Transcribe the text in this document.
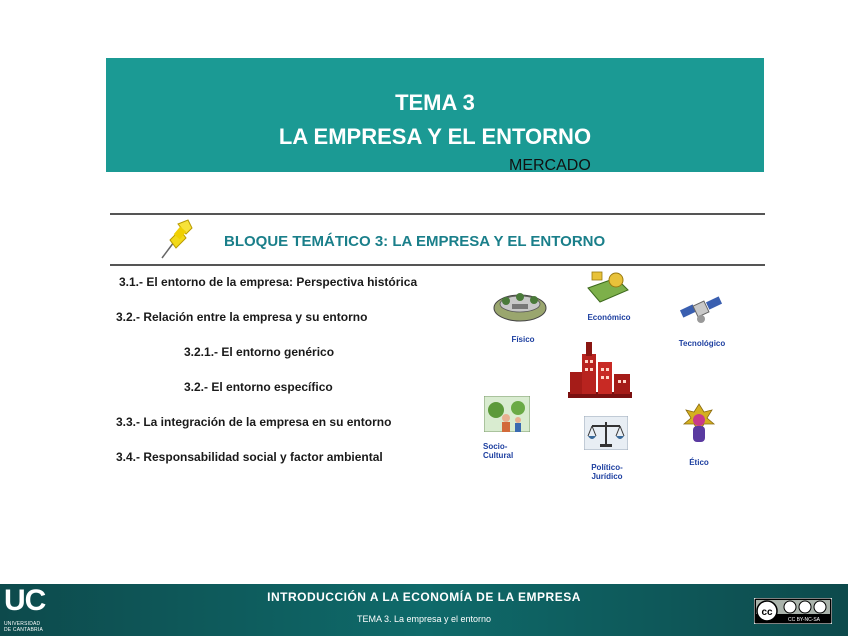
TEMA 3
LA EMPRESA Y EL ENTORNO
MERCADO
BLOQUE TEMÁTICO 3: LA EMPRESA Y EL ENTORNO
3.1.- El entorno de la empresa: Perspectiva histórica
3.2.- Relación entre la empresa y su entorno
3.2.1.- El entorno genérico
3.2.- El entorno específico
3.3.- La integración de la empresa en su entorno
3.4.- Responsabilidad social y factor ambiental
Físico
Económico
Tecnológico
Socio-Cultural
Político-Jurídico
Ético
UC
UNIVERSIDAD
DE CANTABRIA
INTRODUCCIÓN A LA ECONOMÍA DE LA EMPRESA
TEMA 3. La empresa y el entorno
cc
CC BY-NC-SA
